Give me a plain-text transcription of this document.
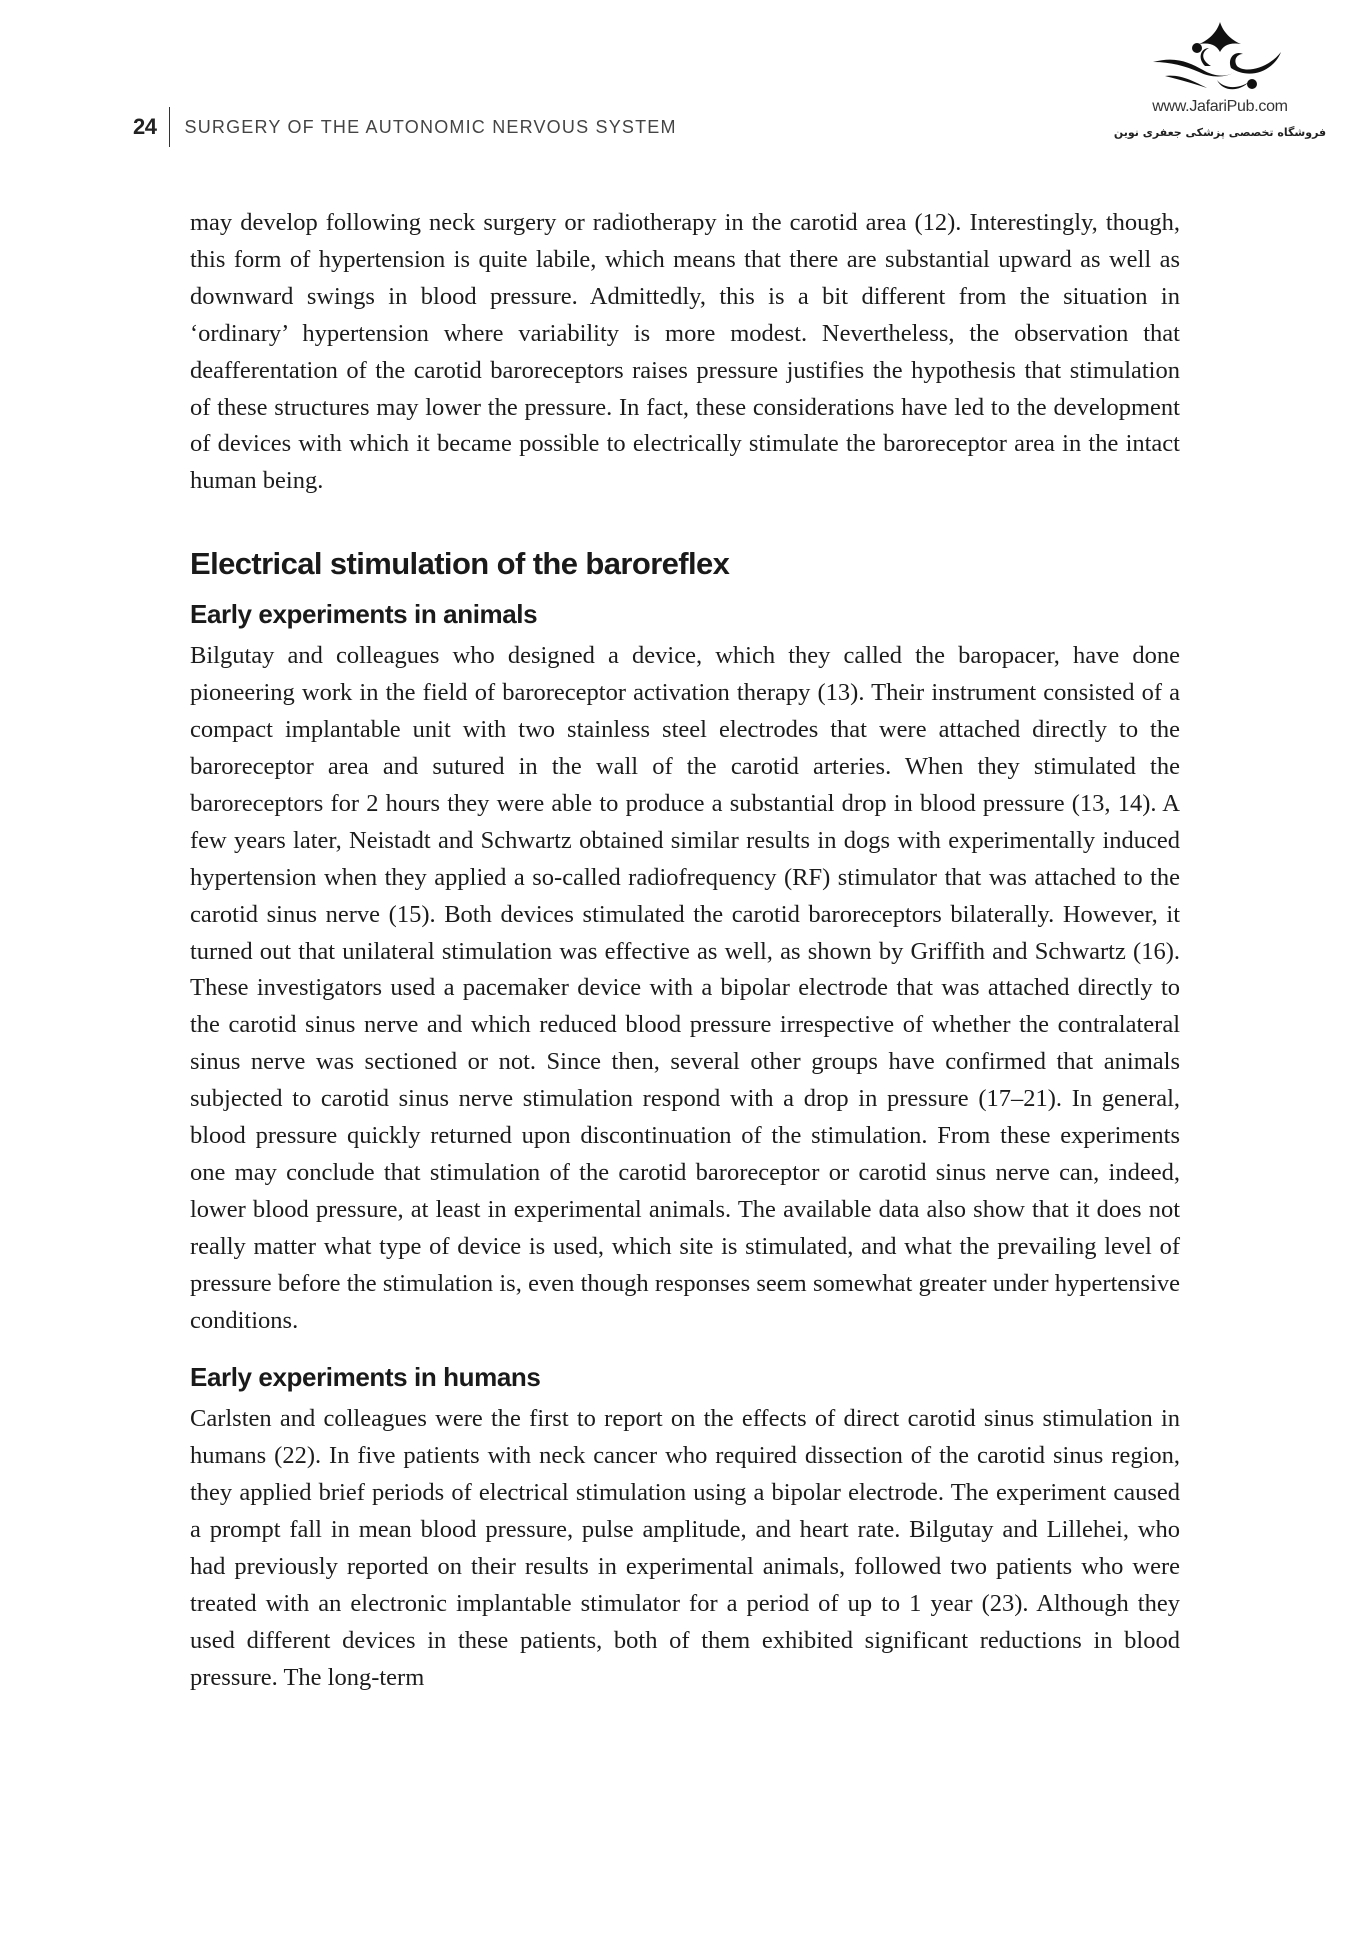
24 SURGERY OF THE AUTONOMIC NERVOUS SYSTEM
www.JafariPub.com
فروشگاه تخصصی پزشکی جعفری نوین

may develop following neck surgery or radiotherapy in the carotid area (12). Interestingly, though, this form of hypertension is quite labile, which means that there are substantial upward as well as downward swings in blood pressure. Admittedly, this is a bit different from the situation in ‘ordinary’ hypertension where variability is more modest. Nevertheless, the observation that deafferentation of the carotid baroreceptors raises pressure justifies the hypothesis that stimulation of these structures may lower the pressure. In fact, these considerations have led to the development of devices with which it became possible to electrically stimulate the baroreceptor area in the intact human being.

Electrical stimulation of the baroreflex
Early experiments in animals

Bilgutay and colleagues who designed a device, which they called the baropacer, have done pioneering work in the field of baroreceptor activation therapy (13). Their instrument consisted of a compact implantable unit with two stainless steel electrodes that were attached directly to the baroreceptor area and sutured in the wall of the carotid arteries. When they stimulated the baroreceptors for 2 hours they were able to produce a substantial drop in blood pressure (13, 14). A few years later, Neistadt and Schwartz obtained similar results in dogs with experimentally induced hypertension when they applied a so-called radiofrequency (RF) stimulator that was attached to the carotid sinus nerve (15). Both devices stimulated the carotid baroreceptors bilaterally. However, it turned out that unilateral stimulation was effective as well, as shown by Griffith and Schwartz (16). These investigators used a pacemaker device with a bipolar electrode that was attached directly to the carotid sinus nerve and which reduced blood pressure irrespective of whether the contralateral sinus nerve was sectioned or not. Since then, several other groups have confirmed that animals subjected to carotid sinus nerve stimulation respond with a drop in pressure (17–21). In general, blood pressure quickly returned upon discontinuation of the stimulation. From these experiments one may conclude that stimulation of the carotid baroreceptor or carotid sinus nerve can, indeed, lower blood pressure, at least in experimental animals. The available data also show that it does not really matter what type of device is used, which site is stimulated, and what the prevailing level of pressure before the stimulation is, even though responses seem somewhat greater under hypertensive conditions.

Early experiments in humans

Carlsten and colleagues were the first to report on the effects of direct carotid sinus stimulation in humans (22). In five patients with neck cancer who required dissection of the carotid sinus region, they applied brief periods of electrical stimulation using a bipolar electrode. The experiment caused a prompt fall in mean blood pressure, pulse amplitude, and heart rate. Bilgutay and Lillehei, who had previously reported on their results in experimental animals, followed two patients who were treated with an electronic implantable stimulator for a period of up to 1 year (23). Although they used different devices in these patients, both of them exhibited significant reductions in blood pressure. The long-term
